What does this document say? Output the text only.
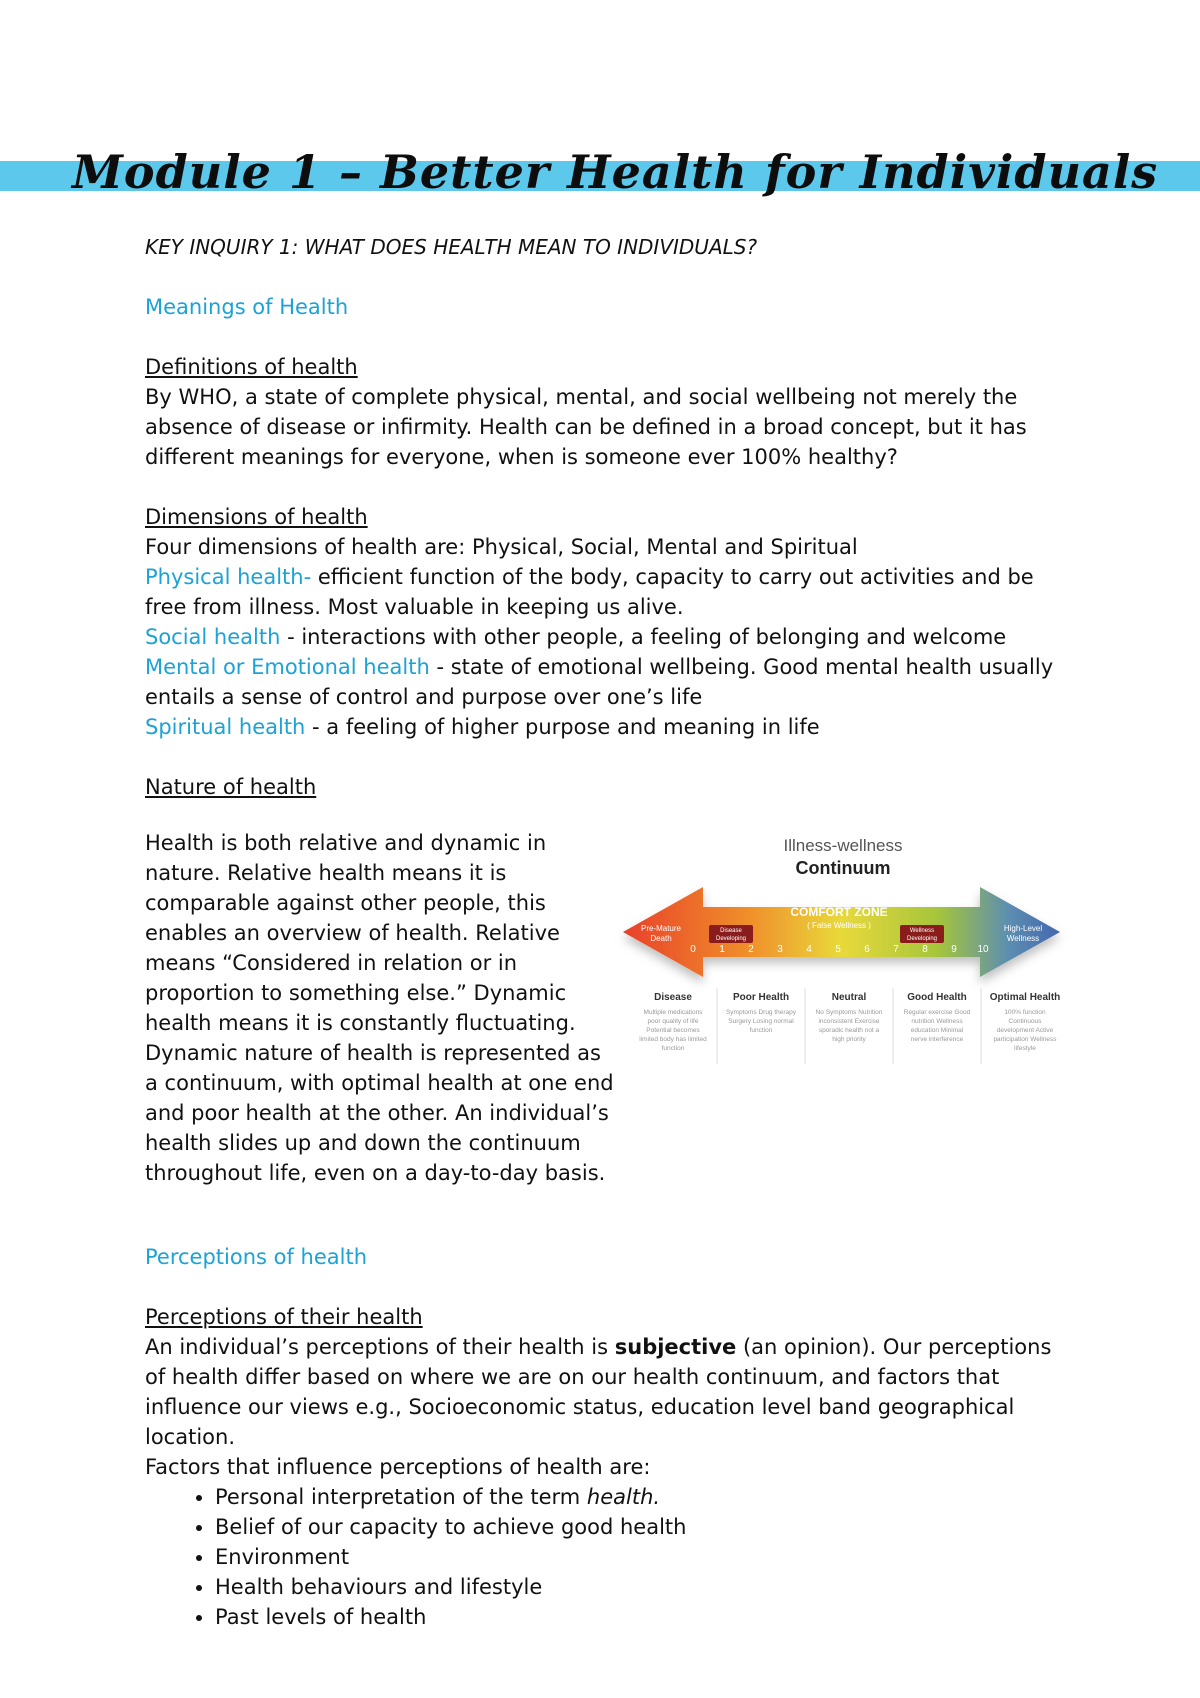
Module 1 – Better Health for Individuals

KEY INQUIRY 1: WHAT DOES HEALTH MEAN TO INDIVIDUALS?

Meanings of Health

Definitions of health

By WHO, a state of complete physical, mental, and social wellbeing not merely the absence of disease or infirmity. Health can be defined in a broad concept, but it has different meanings for everyone, when is someone ever 100% healthy?

Dimensions of health

Four dimensions of health are: Physical, Social, Mental and Spiritual

Physical health- efficient function of the body, capacity to carry out activities and be free from illness. Most valuable in keeping us alive.

Social health - interactions with other people, a feeling of belonging and welcome

Mental or Emotional health - state of emotional wellbeing. Good mental health usually entails a sense of control and purpose over one’s life

Spiritual health - a feeling of higher purpose and meaning in life

Nature of health

Health is both relative and dynamic in nature. Relative health means it is comparable against other people, this enables an overview of health. Relative means “Considered in relation or in proportion to something else.” Dynamic health means it is constantly fluctuating. Dynamic nature of health is represented as a continuum, with optimal health at one end and poor health at the other. An individual’s health slides up and down the continuum throughout life, even on a day-to-day basis.

Illness-wellness
Continuum
COMFORT ZONE
( False Wellness )
Pre-Mature
Death
High-Level
Wellness
Disease
Developing
Wellness
Developing
0 1 2 3 4 5 6 7 8 9 10
Disease
Multiple medications
poor quality of life
Potential becomes
limited body has limited
function
Poor Health
Symptoms Drug therapy
Surgery Losing normal
function
Neutral
No Symptoms Nutrition
inconsistent Exercise
sporadic health not a
high priority
Good Health
Regular exercise Good
nutrition Wellness
education Minimal
nerve interference
Optimal Health
100% function
Continuous
development Active
participation Wellness
lifestyle

Perceptions of health

Perceptions of their health

An individual’s perceptions of their health is subjective (an opinion). Our perceptions of health differ based on where we are on our health continuum, and factors that influence our views e.g., Socioeconomic status, education level band geographical location.

Factors that influence perceptions of health are:

• Personal interpretation of the term health.
• Belief of our capacity to achieve good health
• Environment
• Health behaviours and lifestyle
• Past levels of health
